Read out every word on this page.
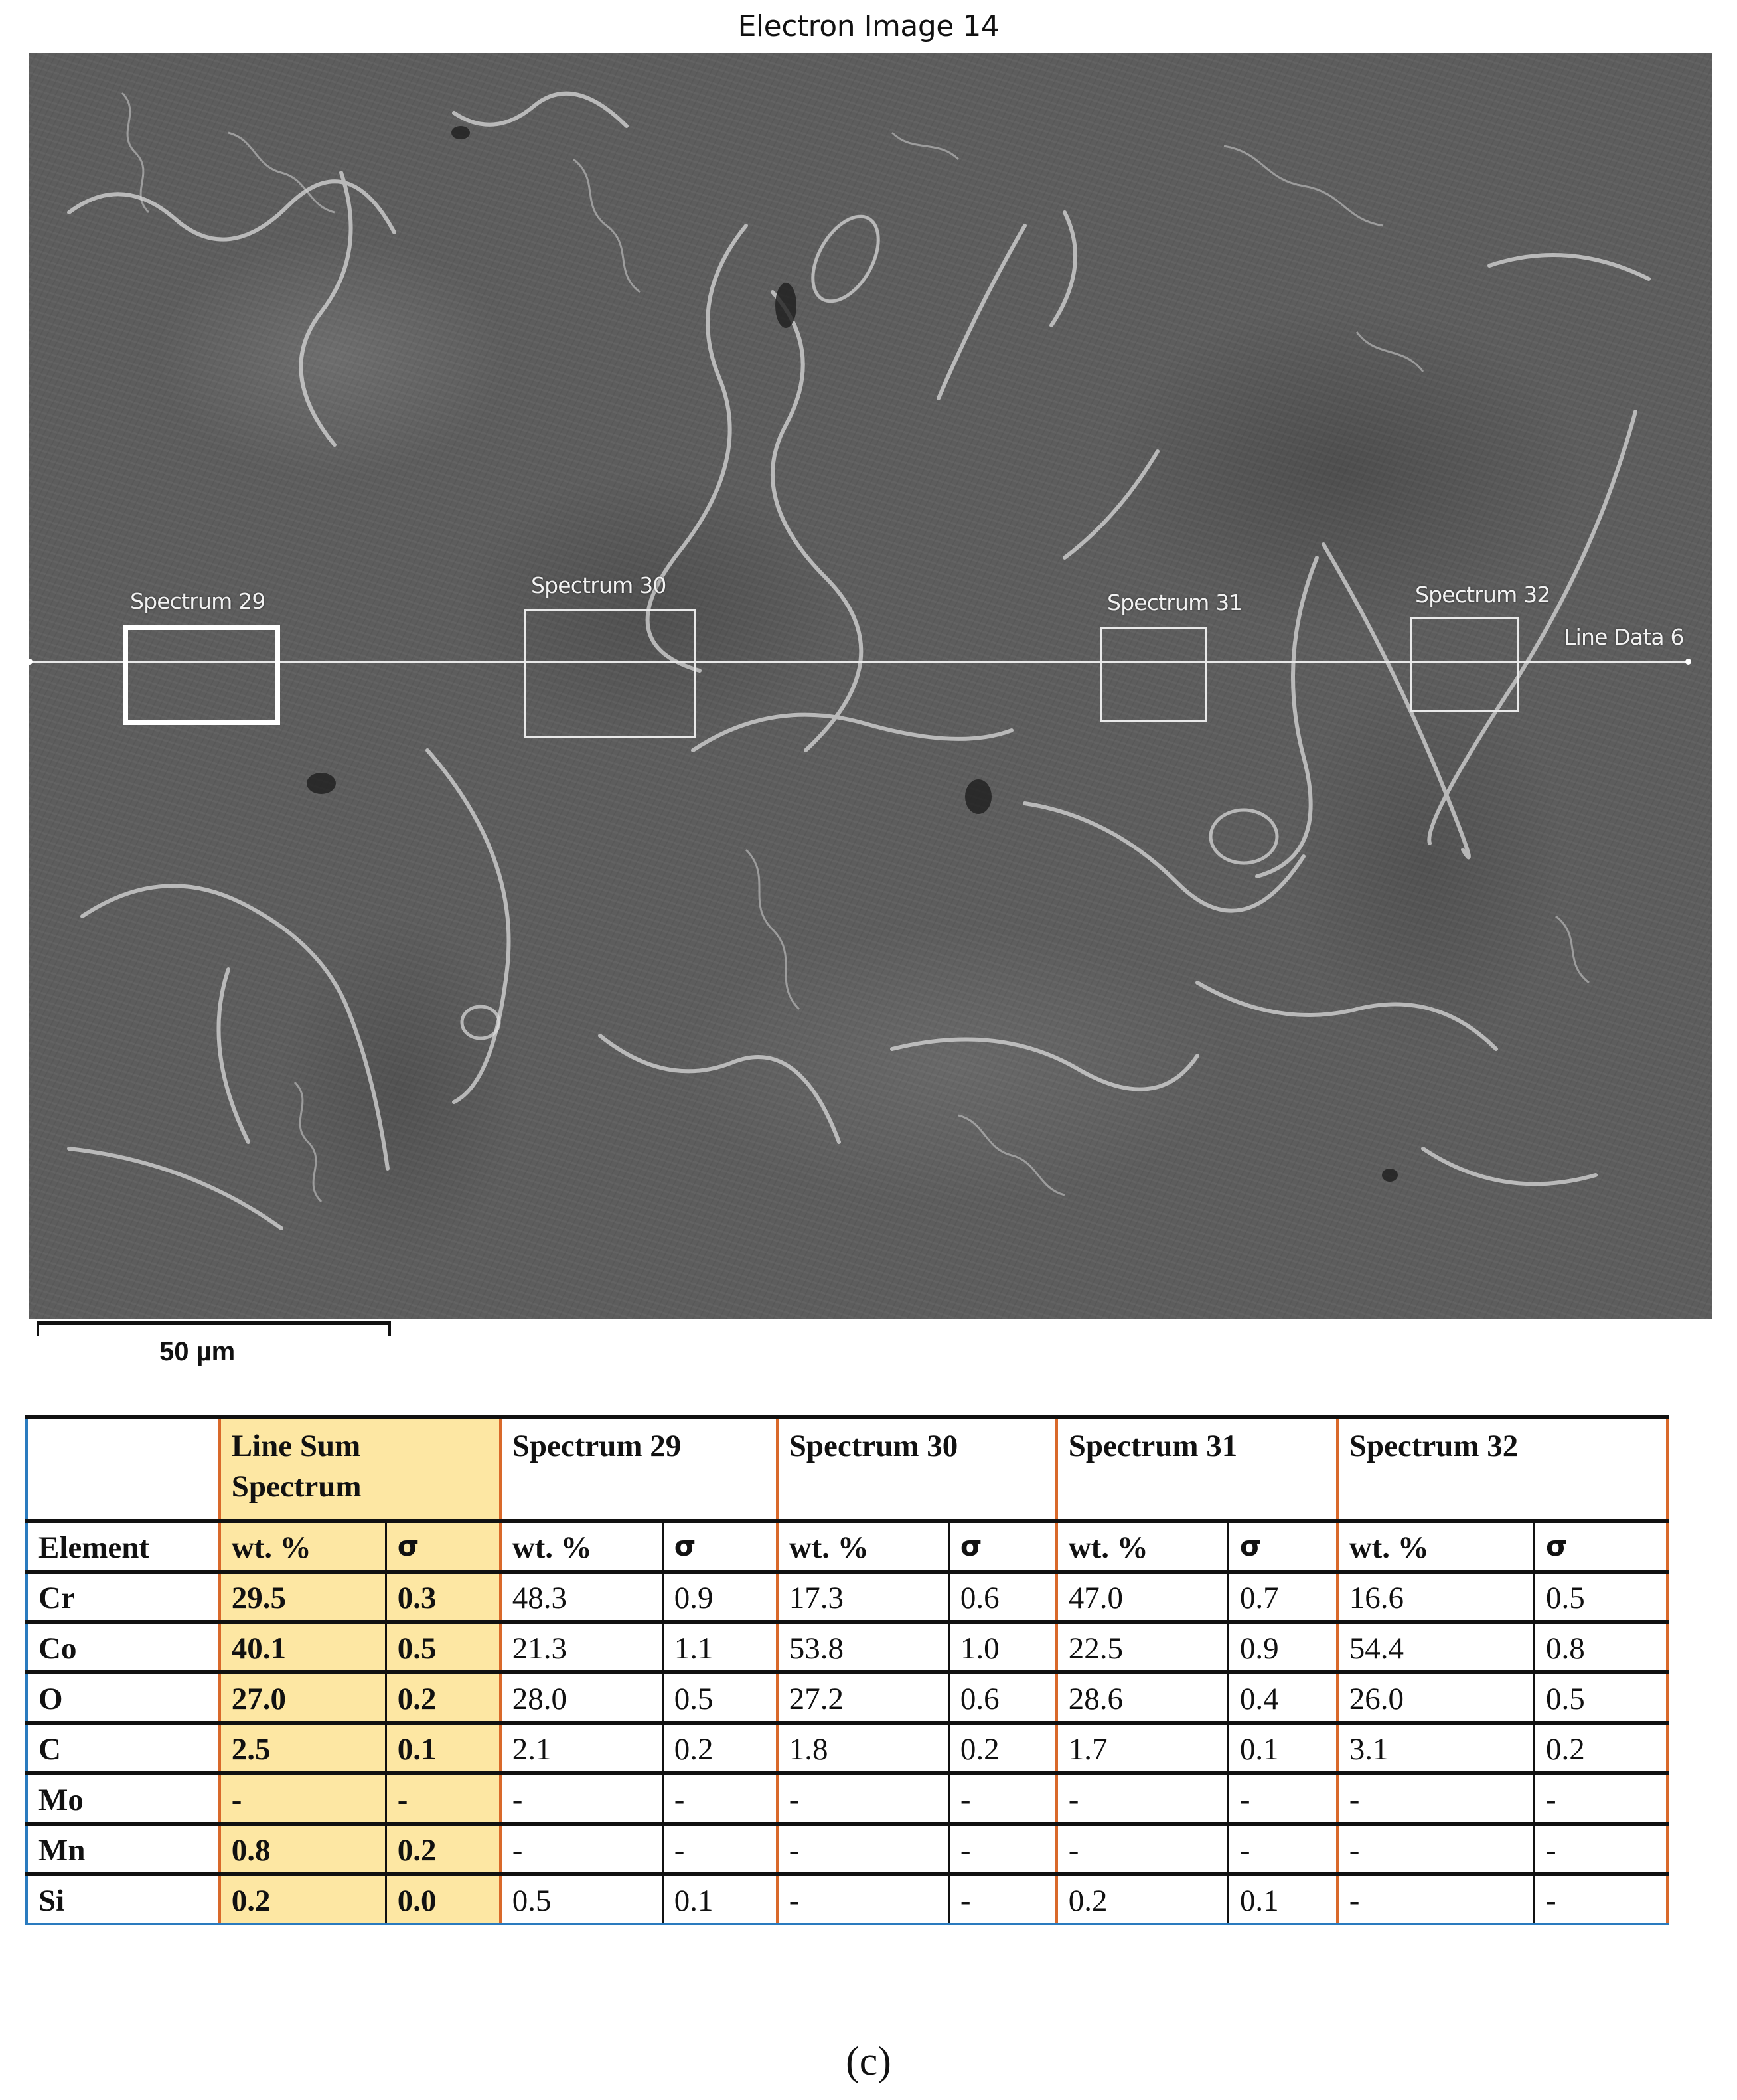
Electron Image 14
Line Data 6
Spectrum 29
Spectrum 30
Spectrum 31	Spectrum 32
50 µm
	Line Sum Spectrum		Spectrum 29		Spectrum 30		Spectrum 31		Spectrum 32	
Element	wt. %	σ	wt. %	σ	wt. %	σ	wt. %	σ	wt. %	σ
Cr	29.5	0.3	48.3	0.9	17.3	0.6	47.0	0.7	16.6	0.5
Co	40.1	0.5	21.3	1.1	53.8	1.0	22.5	0.9	54.4	0.8
O	27.0	0.2	28.0	0.5	27.2	0.6	28.6	0.4	26.0	0.5
C	2.5	0.1	2.1	0.2	1.8	0.2	1.7	0.1	3.1	0.2
Mo	-	-	-	-	-	-	-	-	-	-
Mn	0.8	0.2	-	-	-	-	-	-	-	-
Si	0.2	0.0	0.5	0.1	-	-	0.2	0.1	-	-
(c)
